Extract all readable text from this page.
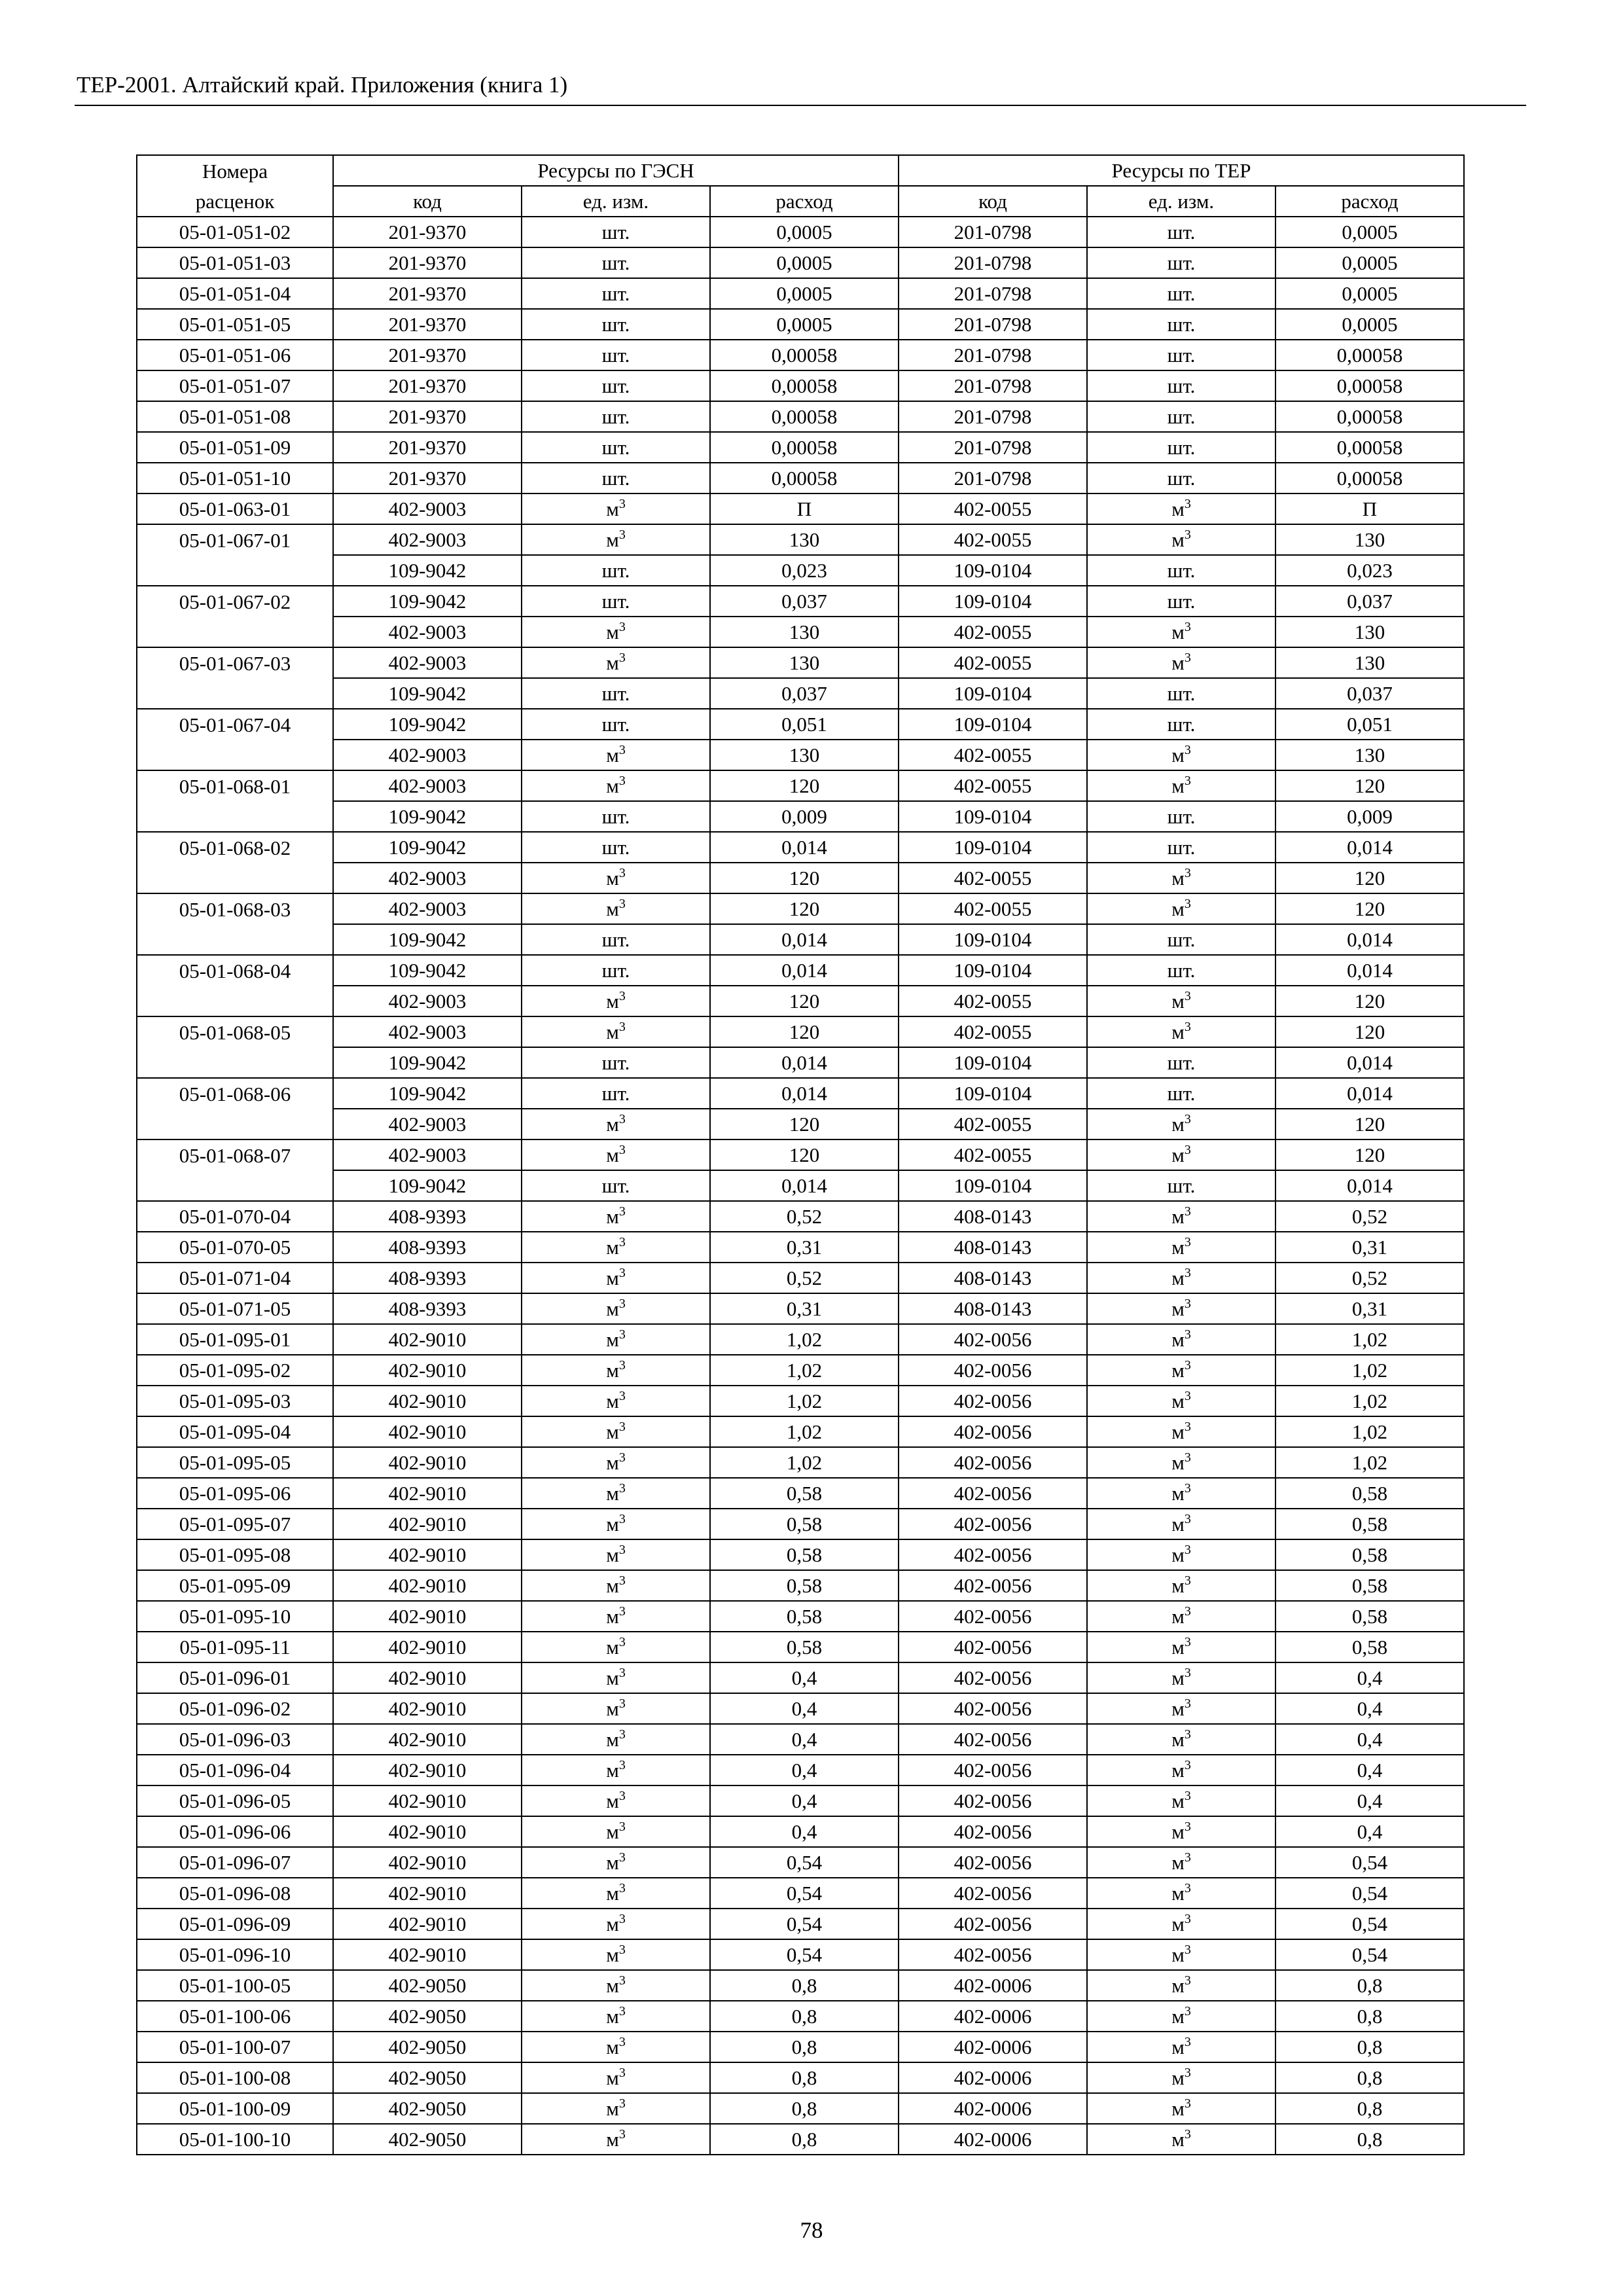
ТЕР-2001. Алтайский край. Приложения (книга 1)
Номера	Ресурсы по ГЭСН			Ресурсы по ТЕР		
расценок	код	ед. изм.	расход	код	ед. изм.	расход
05-01-051-02	201-9370	шт.	0,0005	201-0798	шт.	0,0005
05-01-051-03	201-9370	шт.	0,0005	201-0798	шт.	0,0005
05-01-051-04	201-9370	шт.	0,0005	201-0798	шт.	0,0005
05-01-051-05	201-9370	шт.	0,0005	201-0798	шт.	0,0005
05-01-051-06	201-9370	шт.	0,00058	201-0798	шт.	0,00058
05-01-051-07	201-9370	шт.	0,00058	201-0798	шт.	0,00058
05-01-051-08	201-9370	шт.	0,00058	201-0798	шт.	0,00058
05-01-051-09	201-9370	шт.	0,00058	201-0798	шт.	0,00058
05-01-051-10	201-9370	шт.	0,00058	201-0798	шт.	0,00058
05-01-063-01	402-9003	$м^3$	П	402-0055	$м^3$	П
05-01-067-01	402-9003	$м^3$	130	402-0055	$м^3$	130
	109-9042	шт.	0,023	109-0104	шт.	0,023
05-01-067-02	109-9042	шт.	0,037	109-0104	шт.	0,037
	402-9003	$м^3$	130	402-0055	$м^3$	130
05-01-067-03	402-9003	$м^3$	130	402-0055	$м^3$	130
	109-9042	шт.	0,037	109-0104	шт.	0,037
05-01-067-04	109-9042	шт.	0,051	109-0104	шт.	0,051
	402-9003	$м^3$	130	402-0055	$м^3$	130
05-01-068-01	402-9003	$м^3$	120	402-0055	$м^3$	120
	109-9042	шт.	0,009	109-0104	шт.	0,009
05-01-068-02	109-9042	шт.	0,014	109-0104	шт.	0,014
	402-9003	$м^3$	120	402-0055	$м^3$	120
05-01-068-03	402-9003	$м^3$	120	402-0055	$м^3$	120
	109-9042	шт.	0,014	109-0104	шт.	0,014
05-01-068-04	109-9042	шт.	0,014	109-0104	шт.	0,014
	402-9003	$м^3$	120	402-0055	$м^3$	120
05-01-068-05	402-9003	$м^3$	120	402-0055	$м^3$	120
	109-9042	шт.	0,014	109-0104	шт.	0,014
05-01-068-06	109-9042	шт.	0,014	109-0104	шт.	0,014
	402-9003	$м^3$	120	402-0055	$м^3$	120
05-01-068-07	402-9003	$м^3$	120	402-0055	$м^3$	120
	109-9042	шт.	0,014	109-0104	шт.	0,014
05-01-070-04	408-9393	$м^3$	0,52	408-0143	$м^3$	0,52
05-01-070-05	408-9393	$м^3$	0,31	408-0143	$м^3$	0,31
05-01-071-04	408-9393	$м^3$	0,52	408-0143	$м^3$	0,52
05-01-071-05	408-9393	$м^3$	0,31	408-0143	$м^3$	0,31
05-01-095-01	402-9010	$м^3$	1,02	402-0056	$м^3$	1,02
05-01-095-02	402-9010	$м^3$	1,02	402-0056	$м^3$	1,02
05-01-095-03	402-9010	$м^3$	1,02	402-0056	$м^3$	1,02
05-01-095-04	402-9010	$м^3$	1,02	402-0056	$м^3$	1,02
05-01-095-05	402-9010	$м^3$	1,02	402-0056	$м^3$	1,02
05-01-095-06	402-9010	$м^3$	0,58	402-0056	$м^3$	0,58
05-01-095-07	402-9010	$м^3$	0,58	402-0056	$м^3$	0,58
05-01-095-08	402-9010	$м^3$	0,58	402-0056	$м^3$	0,58
05-01-095-09	402-9010	$м^3$	0,58	402-0056	$м^3$	0,58
05-01-095-10	402-9010	$м^3$	0,58	402-0056	$м^3$	0,58
05-01-095-11	402-9010	$м^3$	0,58	402-0056	$м^3$	0,58
05-01-096-01	402-9010	$м^3$	0,4	402-0056	$м^3$	0,4
05-01-096-02	402-9010	$м^3$	0,4	402-0056	$м^3$	0,4
05-01-096-03	402-9010	$м^3$	0,4	402-0056	$м^3$	0,4
05-01-096-04	402-9010	$м^3$	0,4	402-0056	$м^3$	0,4
05-01-096-05	402-9010	$м^3$	0,4	402-0056	$м^3$	0,4
05-01-096-06	402-9010	$м^3$	0,4	402-0056	$м^3$	0,4
05-01-096-07	402-9010	$м^3$	0,54	402-0056	$м^3$	0,54
05-01-096-08	402-9010	$м^3$	0,54	402-0056	$м^3$	0,54
05-01-096-09	402-9010	$м^3$	0,54	402-0056	$м^3$	0,54
05-01-096-10	402-9010	$м^3$	0,54	402-0056	$м^3$	0,54
05-01-100-05	402-9050	$м^3$	0,8	402-0006	$м^3$	0,8
05-01-100-06	402-9050	$м^3$	0,8	402-0006	$м^3$	0,8
05-01-100-07	402-9050	$м^3$	0,8	402-0006	$м^3$	0,8
05-01-100-08	402-9050	$м^3$	0,8	402-0006	$м^3$	0,8
05-01-100-09	402-9050	$м^3$	0,8	402-0006	$м^3$	0,8
05-01-100-10	402-9050	$м^3$	0,8	402-0006	$м^3$	0,8
78
